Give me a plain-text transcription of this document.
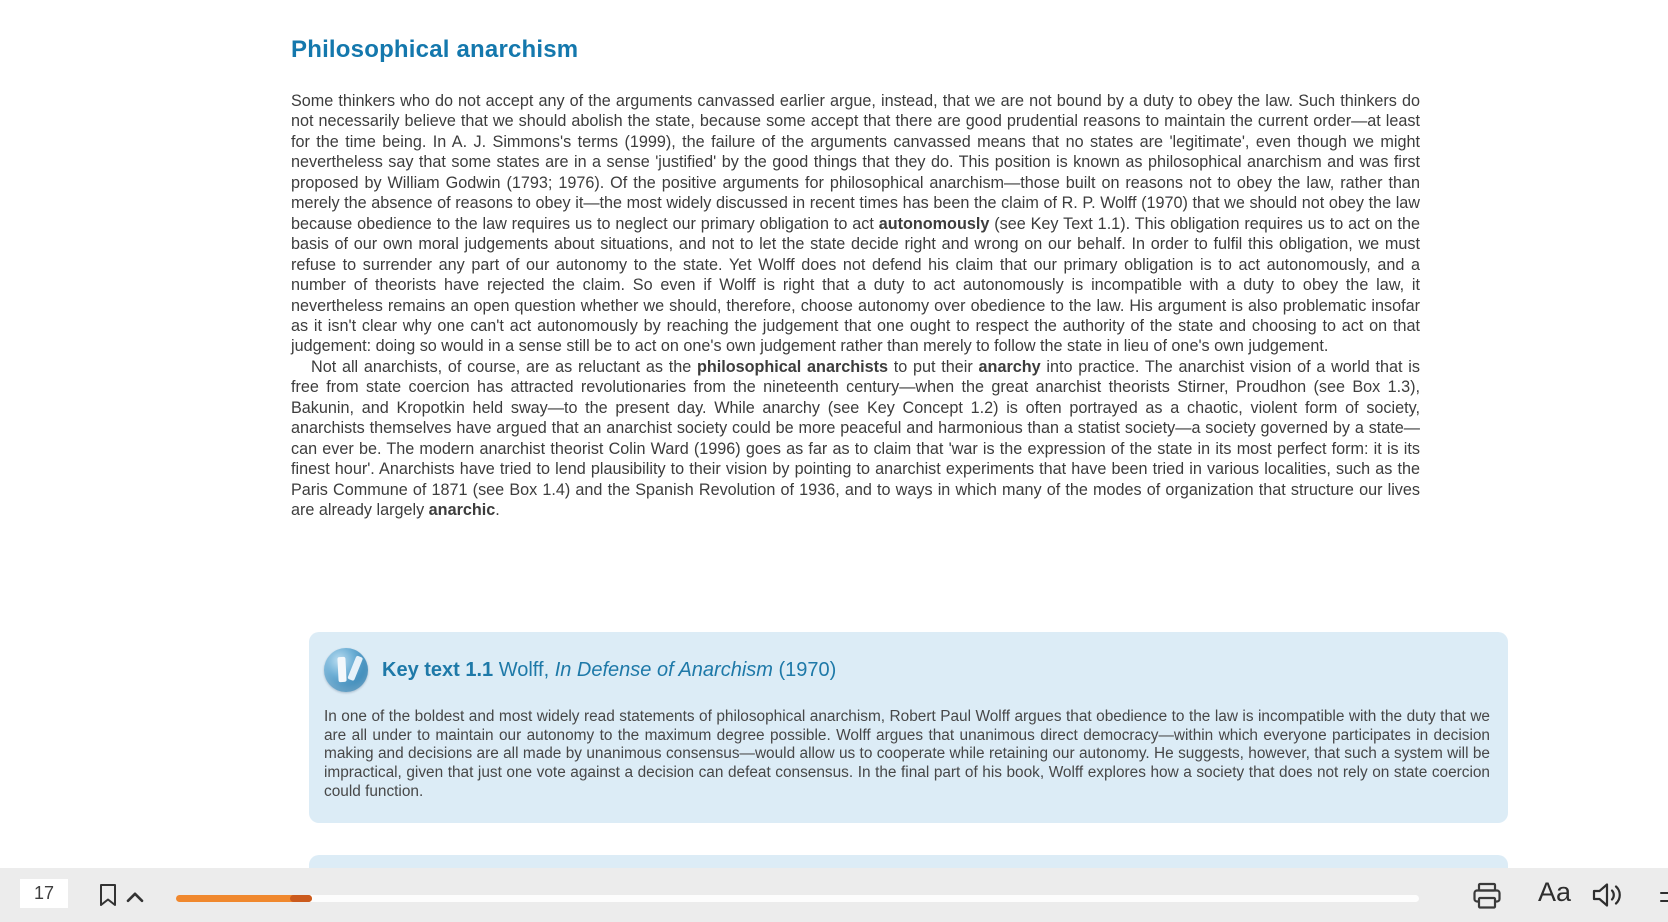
Philosophical anarchism

Some thinkers who do not accept any of the arguments canvassed earlier argue, instead, that we are not bound by a duty to obey the law. Such thinkers do not necessarily believe that we should abolish the state, because some accept that there are good prudential reasons to maintain the current order—at least for the time being. In A. J. Simmons's terms (1999), the failure of the arguments canvassed means that no states are 'legitimate', even though we might nevertheless say that some states are in a sense 'justified' by the good things that they do. This position is known as philosophical anarchism and was first proposed by William Godwin (1793; 1976). Of the positive arguments for philosophical anarchism—those built on reasons not to obey the law, rather than merely the absence of reasons to obey it—the most widely discussed in recent times has been the claim of R. P. Wolff (1970) that we should not obey the law because obedience to the law requires us to neglect our primary obligation to act autonomously (see Key Text 1.1). This obligation requires us to act on the basis of our own moral judgements about situations, and not to let the state decide right and wrong on our behalf. In order to fulfil this obligation, we must refuse to surrender any part of our autonomy to the state. Yet Wolff does not defend his claim that our primary obligation is to act autonomously, and a number of theorists have rejected the claim. So even if Wolff is right that a duty to act autonomously is incompatible with a duty to obey the law, it nevertheless remains an open question whether we should, therefore, choose autonomy over obedience to the law. His argument is also problematic insofar as it isn't clear why one can't act autonomously by reaching the judgement that one ought to respect the authority of the state and choosing to act on that judgement: doing so would in a sense still be to act on one's own judgement rather than merely to follow the state in lieu of one's own judgement.

Not all anarchists, of course, are as reluctant as the philosophical anarchists to put their anarchy into practice. The anarchist vision of a world that is free from state coercion has attracted revolutionaries from the nineteenth century—when the great anarchist theorists Stirner, Proudhon (see Box 1.3), Bakunin, and Kropotkin held sway—to the present day. While anarchy (see Key Concept 1.2) is often portrayed as a chaotic, violent form of society, anarchists themselves have argued that an anarchist society could be more peaceful and harmonious than a statist society—a society governed by a state—can ever be. The modern anarchist theorist Colin Ward (1996) goes as far as to claim that 'war is the expression of the state in its most perfect form: it is its finest hour'. Anarchists have tried to lend plausibility to their vision by pointing to anarchist experiments that have been tried in various localities, such as the Paris Commune of 1871 (see Box 1.4) and the Spanish Revolution of 1936, and to ways in which many of the modes of organization that structure our lives are already largely anarchic.

Key text 1.1 Wolff, In Defense of Anarchism (1970)
In one of the boldest and most widely read statements of philosophical anarchism, Robert Paul Wolff argues that obedience to the law is incompatible with the duty that we are all under to maintain our autonomy to the maximum degree possible. Wolff argues that unanimous direct democracy—within which everyone participates in decision making and decisions are all made by unanimous consensus—would allow us to cooperate while retaining our autonomy. He suggests, however, that such a system will be impractical, given that just one vote against a decision can defeat consensus. In the final part of his book, Wolff explores how a society that does not rely on state coercion could function.
17
Aa
